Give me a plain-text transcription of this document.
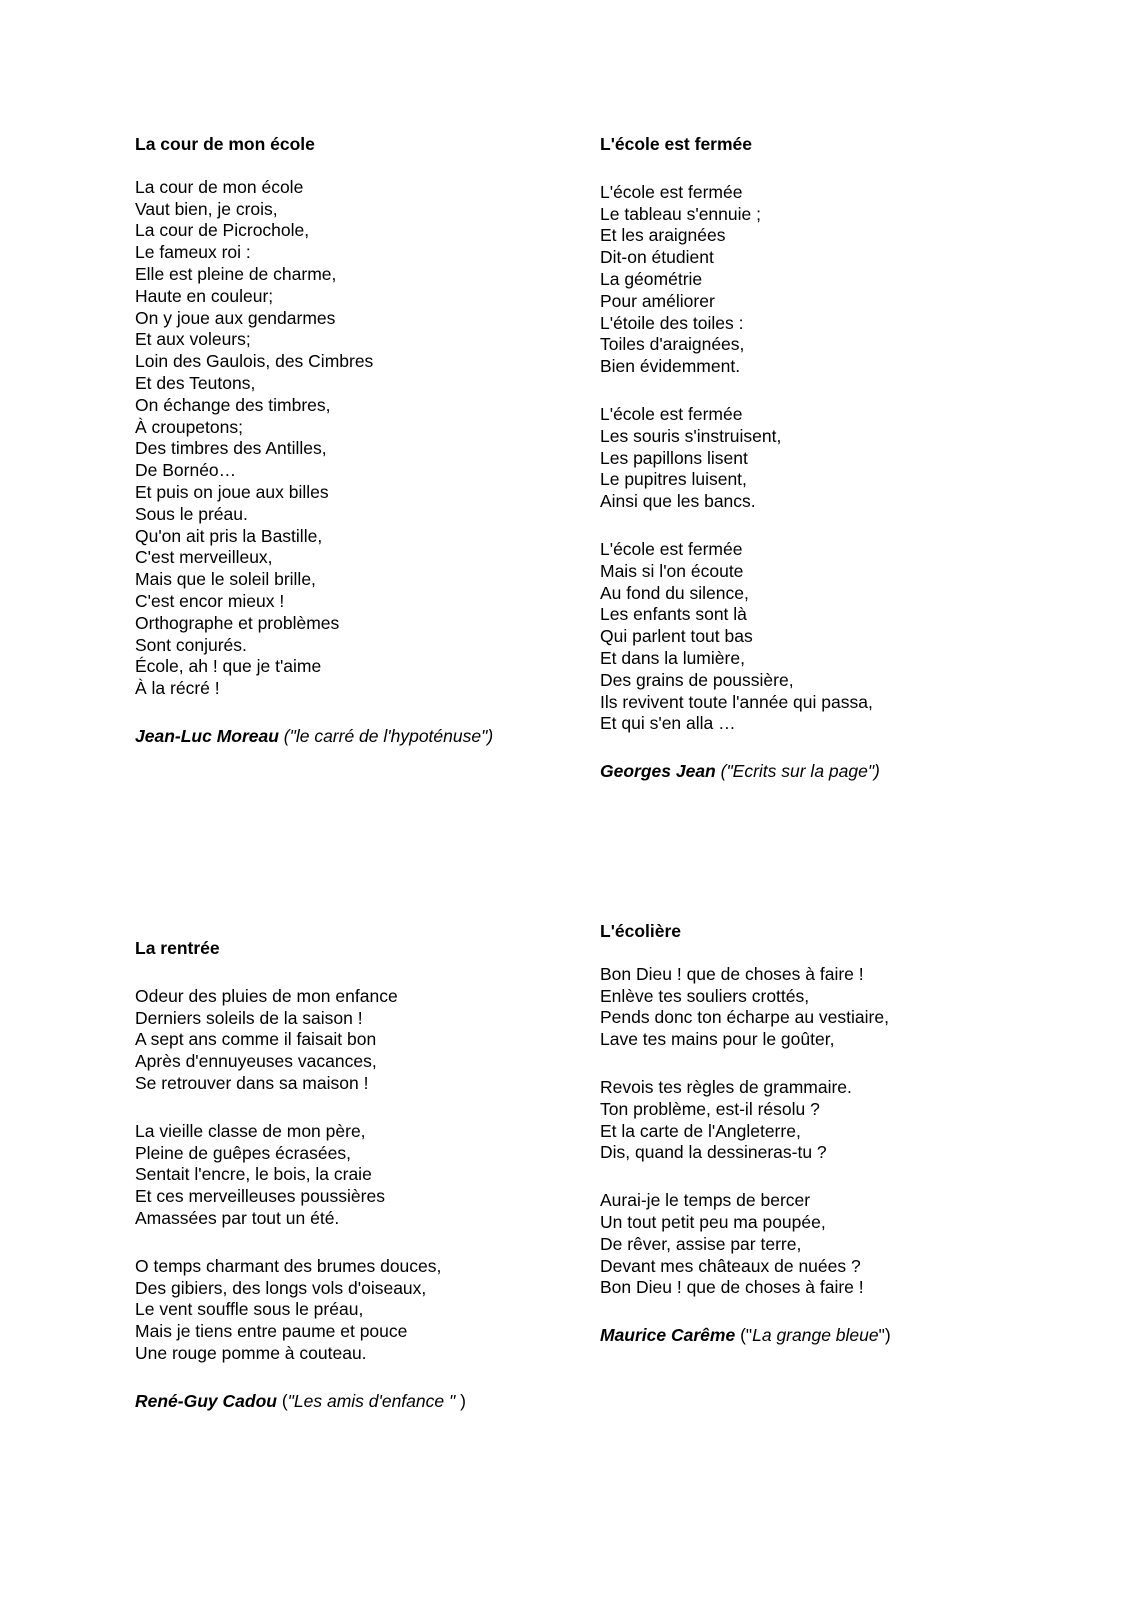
La cour de mon école
La cour de mon école
Vaut bien, je crois,
La cour de Picrochole,
Le fameux roi :
Elle est pleine de charme,
Haute en couleur;
On y joue aux gendarmes
Et aux voleurs;
Loin des Gaulois, des Cimbres
Et des Teutons,
On échange des timbres,
À croupetons;
Des timbres des Antilles,
De Bornéo…
Et puis on joue aux billes
Sous le préau.
Qu'on ait pris la Bastille,
C'est merveilleux,
Mais que le soleil brille,
C'est encor mieux !
Orthographe et problèmes
Sont conjurés.
École, ah ! que je t'aime
À la récré !
Jean-Luc Moreau ("le carré de l'hypoténuse")
L'école est fermée
L'école est fermée
Le tableau s'ennuie ;
Et les araignées
Dit-on étudient
La géométrie
Pour améliorer
L'étoile des toiles :
Toiles d'araignées,
Bien évidemment.
L'école est fermée
Les souris s'instruisent,
Les papillons lisent
Le pupitres luisent,
Ainsi que les bancs.
L'école est fermée
Mais si l'on écoute
Au fond du silence,
Les enfants sont là
Qui parlent tout bas
Et dans la lumière,
Des grains de poussière,
Ils revivent toute l'année qui passa,
Et qui s'en alla …
Georges Jean ("Ecrits sur la page")
La rentrée
Odeur des pluies de mon enfance
Derniers soleils de la saison !
A sept ans comme il faisait bon
Après d'ennuyeuses vacances,
Se retrouver dans sa maison !
La vieille classe de mon père,
Pleine de guêpes écrasées,
Sentait l'encre, le bois, la craie
Et ces merveilleuses poussières
Amassées par tout un été.
O temps charmant des brumes douces,
Des gibiers, des longs vols d'oiseaux,
Le vent souffle sous le préau,
Mais je tiens entre paume et pouce
Une rouge pomme à couteau.
René-Guy Cadou ("Les amis d'enfance " )
L'écolière
Bon Dieu ! que de choses à faire !
Enlève tes souliers crottés,
Pends donc ton écharpe au vestiaire,
Lave tes mains pour le goûter,
Revois tes règles de grammaire.
Ton problème, est-il résolu ?
Et la carte de l'Angleterre,
Dis, quand la dessineras-tu ?
Aurai-je le temps de bercer
Un tout petit peu ma poupée,
De rêver, assise par terre,
Devant mes châteaux de nuées ?
Bon Dieu ! que de choses à faire !
Maurice Carême ("La grange bleue")
